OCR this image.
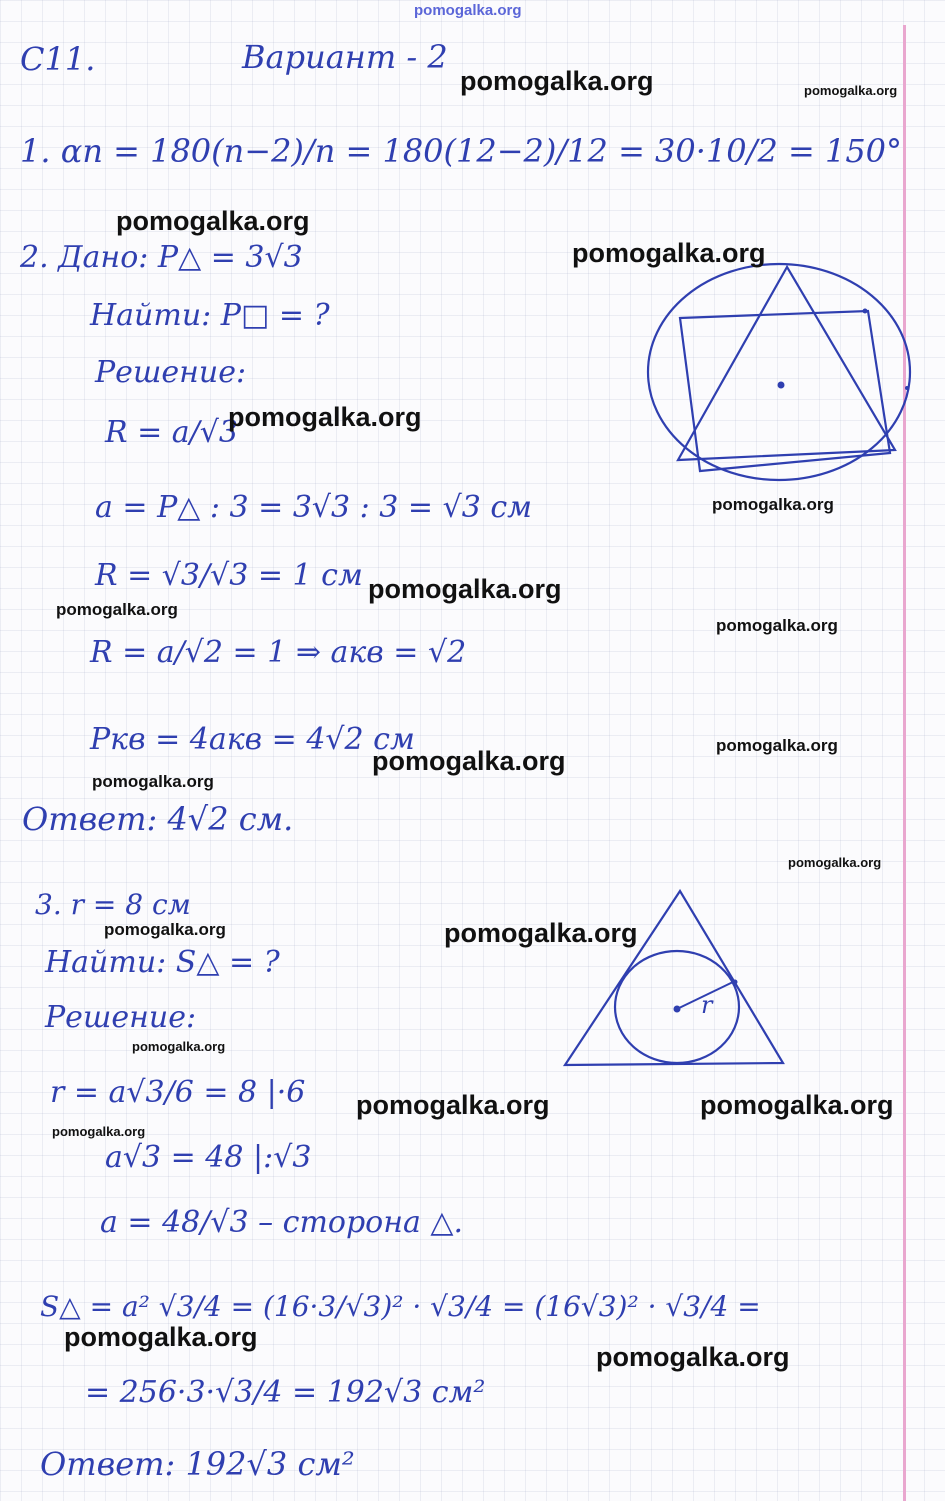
pomogalka.org
С11.	Вариант - 2
1. αn = 180(n−2)/n = 180(12−2)/12 = 30·10/2 = 150°
2. Дано: P△ = 3√3
Найти: P□ = ?
Решение:
R = a/√3
a = P△ : 3 = 3√3 : 3 = √3 см
R = √3/√3 = 1 см
R = a/√2 = 1 ⇒ aкв = √2
Pкв = 4aкв = 4√2 см
Ответ: 4√2 см.
3. r = 8 см
Найти: S△ = ?
Решение:
r = a√3/6 = 8 |·6
a√3 = 48 |:√3
a = 48/√3 – сторона △.
S△ = a² √3/4 = (16·3/√3)² · √3/4 = (16√3)² · √3/4 =
= 256·3·√3/4 = 192√3 см²
Ответ: 192√3 см²
r
pomogalka.org	pomogalka.org
pomogalka.org
pomogalka.org
pomogalka.org
pomogalka.org
pomogalka.org
pomogalka.org
pomogalka.org
pomogalka.org
pomogalka.org
pomogalka.org
pomogalka.org
pomogalka.org	pomogalka.org
pomogalka.org
pomogalka.org	pomogalka.org
pomogalka.org
pomogalka.org
pomogalka.org
